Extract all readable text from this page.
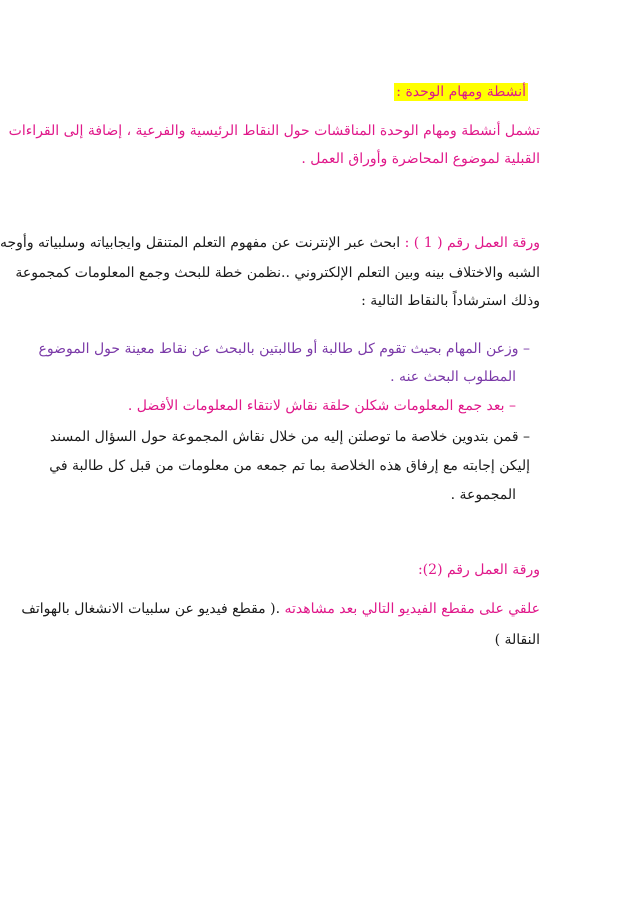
أنشطة ومهام الوحدة :
تشمل أنشطة ومهام الوحدة المناقشات حول النقاط الرئيسية والفرعية ، إضافة إلى القراءات
القبلية لموضوع المحاضرة وأوراق العمل .
ورقة العمل رقم ( 1 ) : ابحث عبر الإنترنت عن مفهوم التعلم المتنقل وايجابياته وسلبياته وأوجه
الشبه والاختلاف بينه وبين التعلم الإلكتروني ..نظمن خطة للبحث وجمع المعلومات كمجموعة
وذلك استرشاداً بالنقاط التالية :
– وزعن المهام بحيث تقوم كل طالبة أو طالبتين بالبحث عن نقاط معينة حول الموضوع
المطلوب البحث عنه .
– بعد جمع المعلومات شكلن حلقة نقاش لانتقاء المعلومات الأفضل .
– قمن بتدوين خلاصة ما توصلتن إليه من خلال نقاش المجموعة حول السؤال المسند
إليكن إجابته مع إرفاق هذه الخلاصة بما تم جمعه من معلومات من قبل كل طالبة في
المجموعة .
ورقة العمل رقم (2):
علقي على مقطع الفيديو التالي بعد مشاهدته .( مقطع فيديو عن سلبيات الانشغال بالهواتف
النقالة )
